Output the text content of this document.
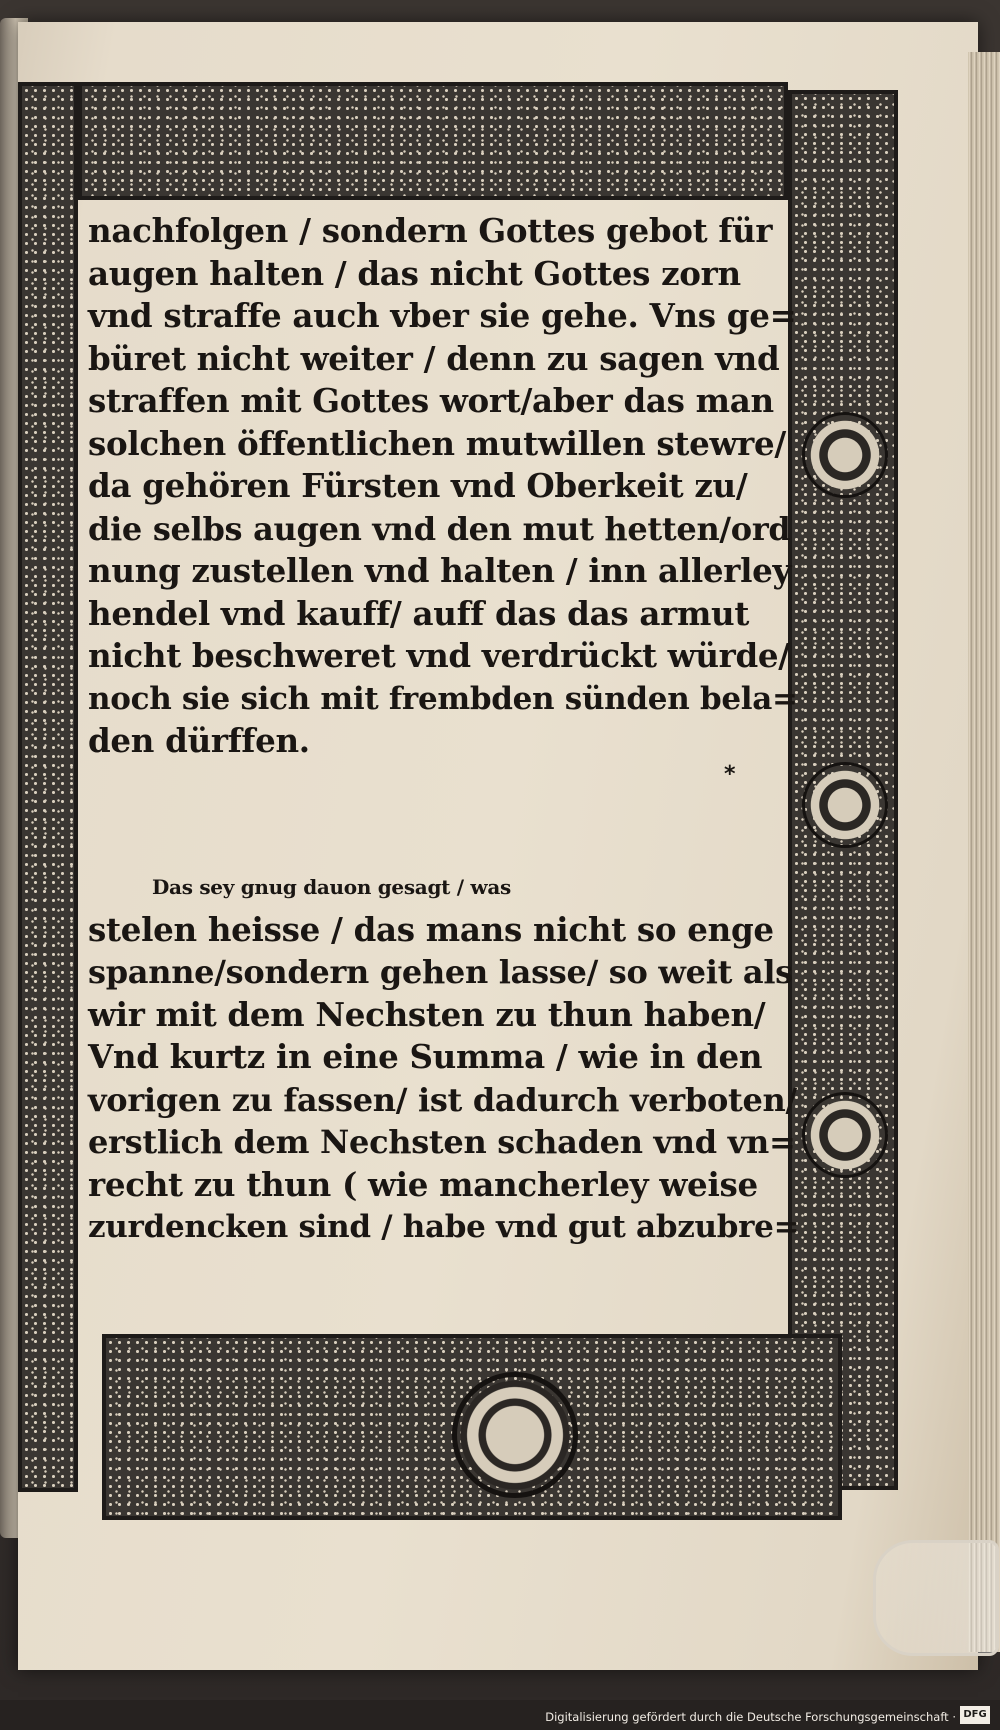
nachfolgen / sondern Gottes gebot für
augen halten / das nicht Gottes zorn
vnd straffe auch vber sie gehe. Vns ge=
büret nicht weiter / denn zu sagen vnd
straffen mit Gottes wort/aber das man
solchen öffentlichen mutwillen stewre/
da gehören Fürsten vnd Oberkeit zu/
die selbs augen vnd den mut hetten/ord
nung zustellen vnd halten / inn allerley
hendel vnd kauff/ auff das das armut
nicht beschweret vnd verdrückt würde/
noch sie sich mit frembden sünden bela=
den dürffen.

*

Das sey gnug dauon gesagt / was
stelen heisse / das mans nicht so enge
spanne/sondern gehen lasse/ so weit als
wir mit dem Nechsten zu thun haben/
Vnd kurtz in eine Summa / wie in den
vorigen zu fassen/ ist dadurch verboten/
erstlich dem Nechsten schaden vnd vn=
recht zu thun ( wie mancherley weise
zurdencken sind / habe vnd gut abzubre=

Digitalisierung gefördert durch die Deutsche Forschungsgemeinschaft · DFG
